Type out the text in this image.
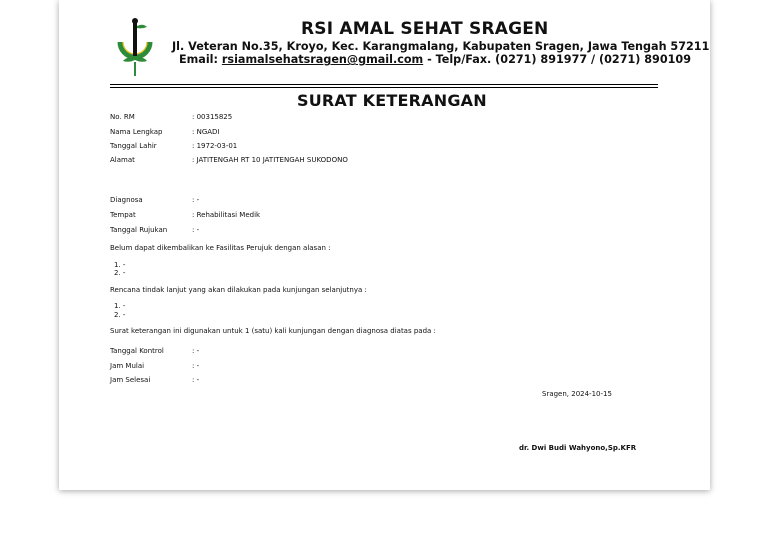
RSI AMAL SEHAT SRAGEN
Jl. Veteran No.35, Kroyo, Kec. Karangmalang, Kabupaten Sragen, Jawa Tengah 57211
Email: rsiamalsehatsragen@gmail.com - Telp/Fax. (0271) 891977 / (0271) 890109
SURAT KETERANGAN
No. RM	: 00315825
Nama Lengkap	: NGADI
Tanggal Lahir	: 1972-03-01
Alamat	: JATITENGAH RT 10 JATITENGAH SUKODONO
Diagnosa	: -
Tempat	: Rehabilitasi Medik
Tanggal Rujukan	: -
Belum dapat dikembalikan ke Fasilitas Perujuk dengan alasan :
1. -
2. -
Rencana tindak lanjut yang akan dilakukan pada kunjungan selanjutnya :
1. -
2. -
Surat keterangan ini digunakan untuk 1 (satu) kali kunjungan dengan diagnosa diatas pada :
Tanggal Kontrol	: -
Jam Mulai	: -
Jam Selesai	: -
Sragen, 2024-10-15
dr. Dwi Budi Wahyono,Sp.KFR
